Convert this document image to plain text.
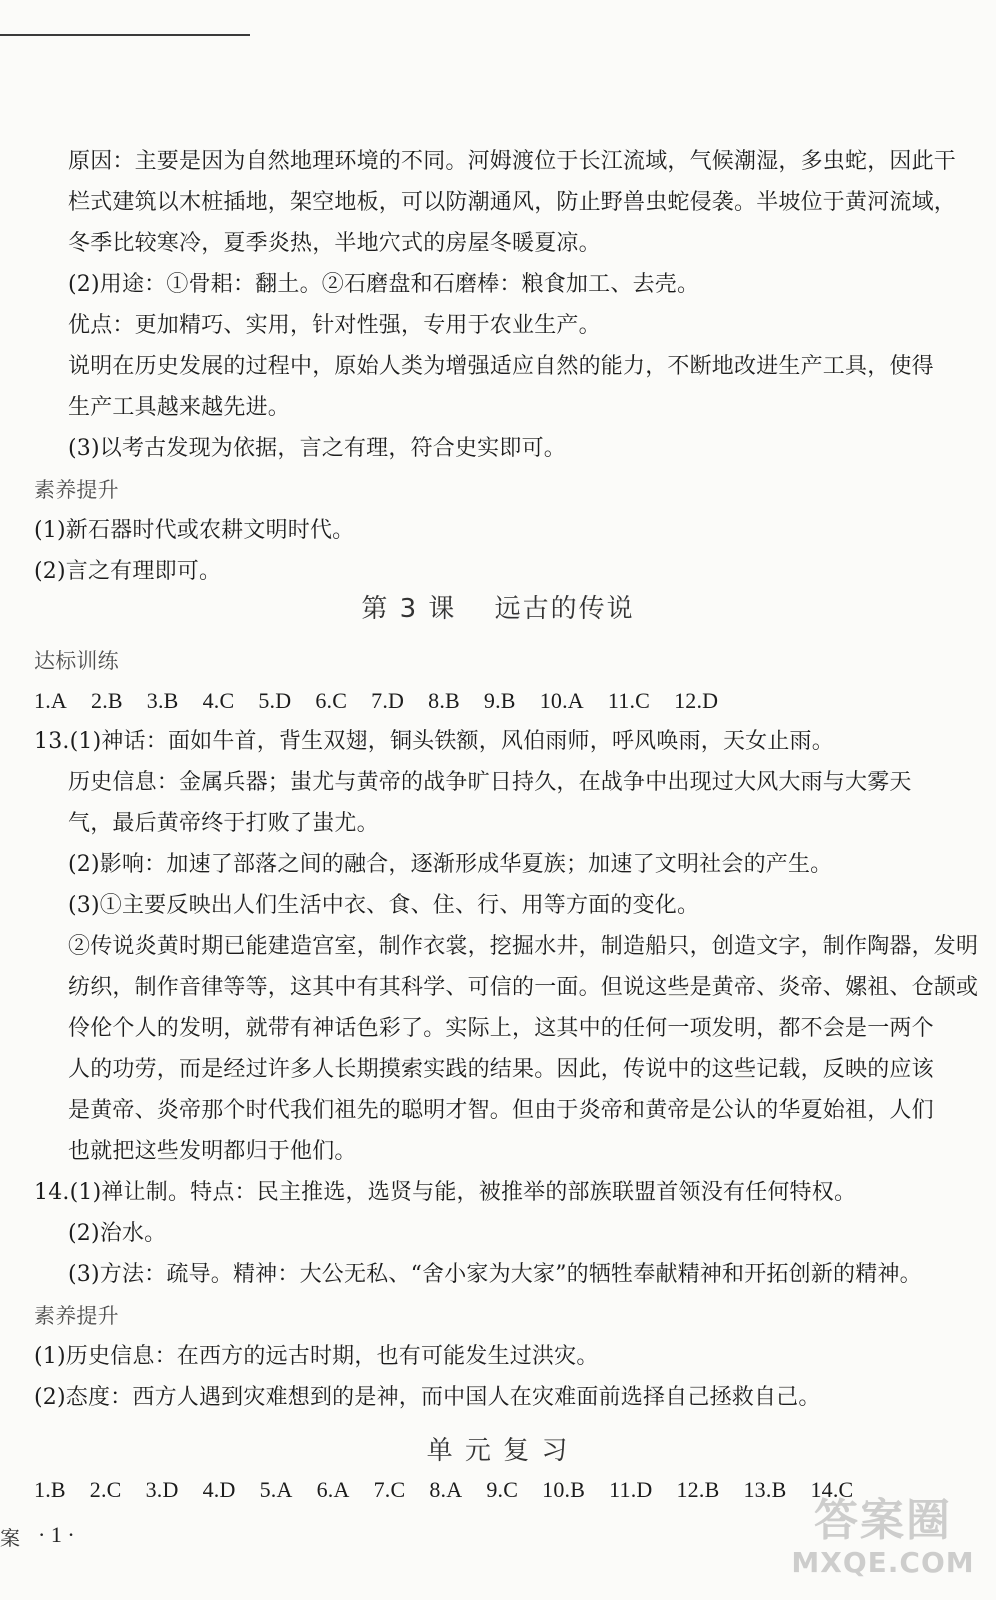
原因：主要是因为自然地理环境的不同。河姆渡位于长江流域，气候潮湿，多虫蛇，因此干
栏式建筑以木桩插地，架空地板，可以防潮通风，防止野兽虫蛇侵袭。半坡位于黄河流域，
冬季比较寒冷，夏季炎热，半地穴式的房屋冬暖夏凉。
(2)用途：①骨耜：翻土。②石磨盘和石磨棒：粮食加工、去壳。
优点：更加精巧、实用，针对性强，专用于农业生产。
说明在历史发展的过程中，原始人类为增强适应自然的能力，不断地改进生产工具，使得
生产工具越来越先进。
(3)以考古发现为依据，言之有理，符合史实即可。
素养提升
(1)新石器时代或农耕文明时代。
(2)言之有理即可。
第 3 课　 远古的传说
达标训练
1.A 2.B 3.B 4.C 5.D 6.C 7.D 8.B 9.B 10.A 11.C 12.D
13.(1)神话：面如牛首，背生双翅，铜头铁额，风伯雨师，呼风唤雨，天女止雨。
历史信息：金属兵器；蚩尤与黄帝的战争旷日持久，在战争中出现过大风大雨与大雾天
气，最后黄帝终于打败了蚩尤。
(2)影响：加速了部落之间的融合，逐渐形成华夏族；加速了文明社会的产生。
(3)①主要反映出人们生活中衣、食、住、行、用等方面的变化。
②传说炎黄时期已能建造宫室，制作衣裳，挖掘水井，制造船只，创造文字，制作陶器，发明
纺织，制作音律等等，这其中有其科学、可信的一面。但说这些是黄帝、炎帝、嫘祖、仓颉或
伶伦个人的发明，就带有神话色彩了。实际上，这其中的任何一项发明，都不会是一两个
人的功劳，而是经过许多人长期摸索实践的结果。因此，传说中的这些记载，反映的应该
是黄帝、炎帝那个时代我们祖先的聪明才智。但由于炎帝和黄帝是公认的华夏始祖，人们
也就把这些发明都归于他们。
14.(1)禅让制。特点：民主推选，选贤与能，被推举的部族联盟首领没有任何特权。
(2)治水。
(3)方法：疏导。精神：大公无私、“舍小家为大家”的牺牲奉献精神和开拓创新的精神。
素养提升
(1)历史信息：在西方的远古时期，也有可能发生过洪灾。
(2)态度：西方人遇到灾难想到的是神，而中国人在灾难面前选择自己拯救自己。
单 元 复 习
1.B 2.C 3.D 4.D 5.A 6.A 7.C 8.A 9.C 10.B 11.D 12.B 13.B 14.C
案 · 1 ·	答案圈
MXQE.COM
